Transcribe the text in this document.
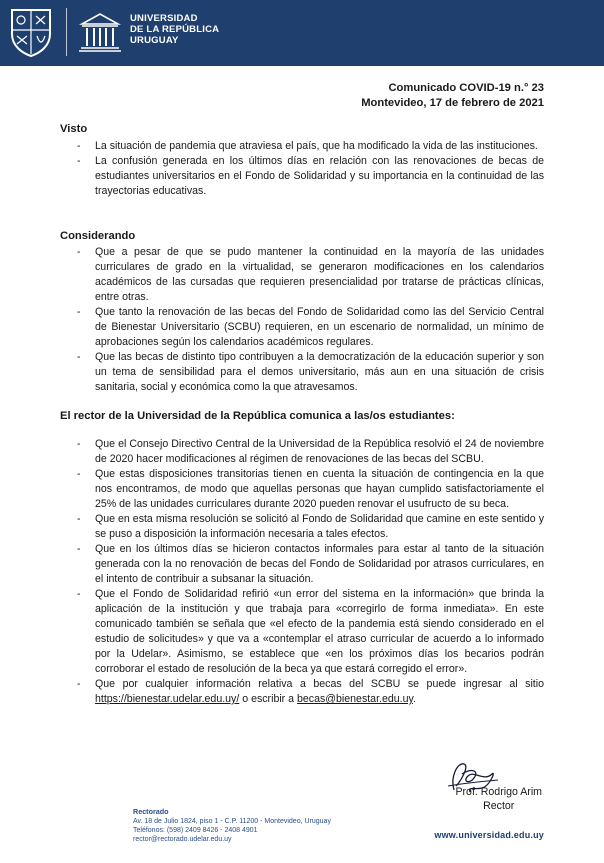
UNIVERSIDAD
DE LA REPÚBLICA
URUGUAY
Comunicado COVID-19 n.° 23
Montevideo, 17 de febrero de 2021
Visto
- La situación de pandemia que atraviesa el país, que ha modificado la vida de las instituciones.
- La confusión generada en los últimos días en relación con las renovaciones de becas de estudiantes universitarios en el Fondo de Solidaridad y su importancia en la continuidad de las trayectorias educativas.
Considerando
- Que a pesar de que se pudo mantener la continuidad en la mayoría de las unidades curriculares de grado en la virtualidad, se generaron modificaciones en los calendarios académicos de las cursadas que requieren presencialidad por tratarse de prácticas clínicas, entre otras.
- Que tanto la renovación de las becas del Fondo de Solidaridad como las del Servicio Central de Bienestar Universitario (SCBU) requieren, en un escenario de normalidad, un mínimo de aprobaciones según los calendarios académicos regulares.
- Que las becas de distinto tipo contribuyen a la democratización de la educación superior y son un tema de sensibilidad para el demos universitario, más aun en una situación de crisis sanitaria, social y económica como la que atravesamos.
El rector de la Universidad de la República comunica a las/os estudiantes:
- Que el Consejo Directivo Central de la Universidad de la República resolvió el 24 de noviembre de 2020 hacer modificaciones al régimen de renovaciones de las becas del SCBU.
- Que estas disposiciones transitorias tienen en cuenta la situación de contingencia en la que nos encontramos, de modo que aquellas personas que hayan cumplido satisfactoriamente el 25% de las unidades curriculares durante 2020 pueden renovar el usufructo de su beca.
- Que en esta misma resolución se solicitó al Fondo de Solidaridad que camine en este sentido y se puso a disposición la información necesaria a tales efectos.
- Que en los últimos días se hicieron contactos informales para estar al tanto de la situación generada con la no renovación de becas del Fondo de Solidaridad por atrasos curriculares, en el intento de contribuir a subsanar la situación.
- Que el Fondo de Solidaridad refirió «un error del sistema en la información» que brinda la aplicación de la institución y que trabaja para «corregirlo de forma inmediata». En este comunicado también se señala que «el efecto de la pandemia está siendo considerado en el estudio de solicitudes» y que va a «contemplar el atraso curricular de acuerdo a lo informado por la Udelar». Asimismo, se establece que «en los próximos días los becarios podrán corroborar el estado de resolución de la beca ya que estará corregido el error».
- Que por cualquier información relativa a becas del SCBU se puede ingresar al sitio https://bienestar.udelar.edu.uy/ o escribir a becas@bienestar.edu.uy.
Prof. Rodrigo Arim
Rector
Rectorado
Av. 18 de Julio 1824, piso 1 - C.P. 11200 - Montevideo, Uruguay
Teléfonos: (598) 2409 8426 - 2408 4901
rector@rectorado.udelar.edu.uy	www.universidad.edu.uy
